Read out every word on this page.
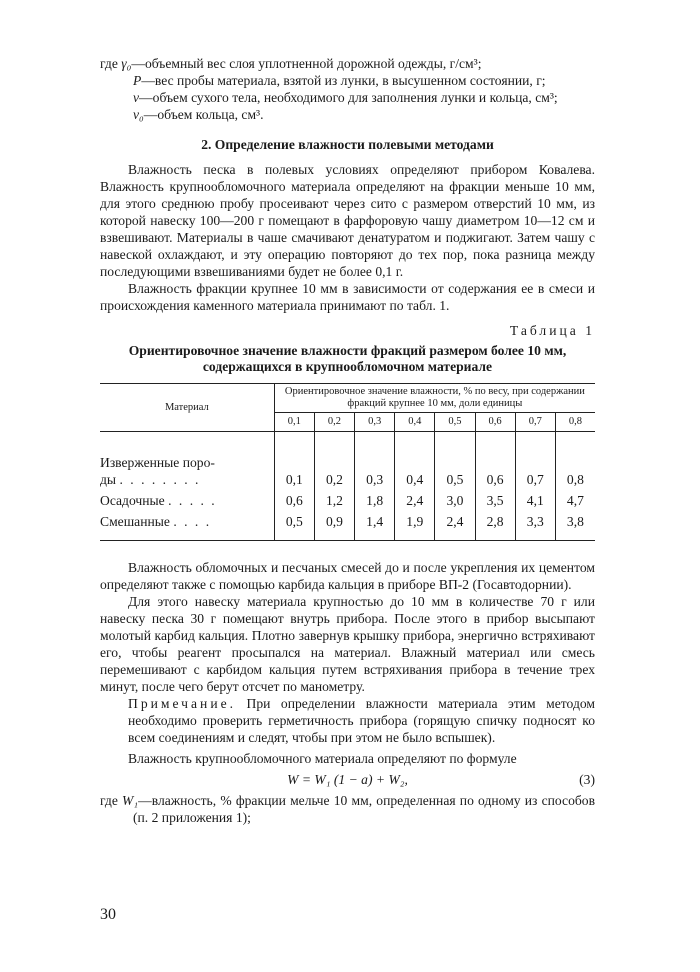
где γ₀—объемный вес слоя уплотненной дорожной одежды, г/см³;

P—вес пробы материала, взятой из лунки, в высушенном состоянии, г;

v—объем сухого тела, необходимого для заполнения лунки и кольца, см³;

v₀—объем кольца, см³.

2. Определение влажности полевыми методами

Влажность песка в полевых условиях определяют прибором Ковалева. Влажность крупнообломочного материала определяют на фракции меньше 10 мм, для этого среднюю пробу просеивают через сито с размером отверстий 10 мм, из которой навеску 100—200 г помещают в фарфоровую чашу диаметром 10—12 см и взвешивают. Материалы в чаше смачивают денатуратом и поджигают. Затем чашу с навеской охлаждают, и эту операцию повторяют до тех пор, пока разница между последующими взвешиваниями будет не более 0,1 г.

Влажность фракции крупнее 10 мм в зависимости от содержания ее в смеси и происхождения каменного материала принимают по табл. 1.

Таблица 1
Ориентировочное значение влажности фракций размером более 10 мм,
содержащихся в крупнообломочном материале
Материал	Ориентировочное значение влажности, % по весу, при содержании фракций крупнее 10 мм, доли единицы							
	0,1	0,2	0,3	0,4	0,5	0,6	0,7	0,8

Изверженные поро-
ды . . . . . . . .	0,1	0,2	0,3	0,4	0,5	0,6	0,7	0,8
Осадочные . . . . .	0,6	1,2	1,8	2,4	3,0	3,5	4,1	4,7
Смешанные . . . .	0,5	0,9	1,4	1,9	2,4	2,8	3,3	3,8

Влажность обломочных и песчаных смесей до и после укрепления их цементом определяют также с помощью карбида кальция в приборе ВП-2 (Госавтодорнии).

Для этого навеску материала крупностью до 10 мм в количестве 70 г или навеску песка 30 г помещают внутрь прибора. После этого в прибор высыпают молотый карбид кальция. Плотно завернув крышку прибора, энергично встряхивают его, чтобы реагент просыпался на материал. Влажный материал или смесь перемешивают с карбидом кальция путем встряхивания прибора в течение трех минут, после чего берут отсчет по манометру.

Примечание. При определении влажности материала этим методом необходимо проверить герметичность прибора (горящую спичку подносят ко всем соединениям и следят, чтобы при этом не было вспышек).

Влажность крупнообломочного материала определяют по формуле

W = W₁ (1 − a) + W₂,	(3)

где W₁—влажность, % фракции мельче 10 мм, определенная по одному из способов (п. 2 приложения 1);

30
